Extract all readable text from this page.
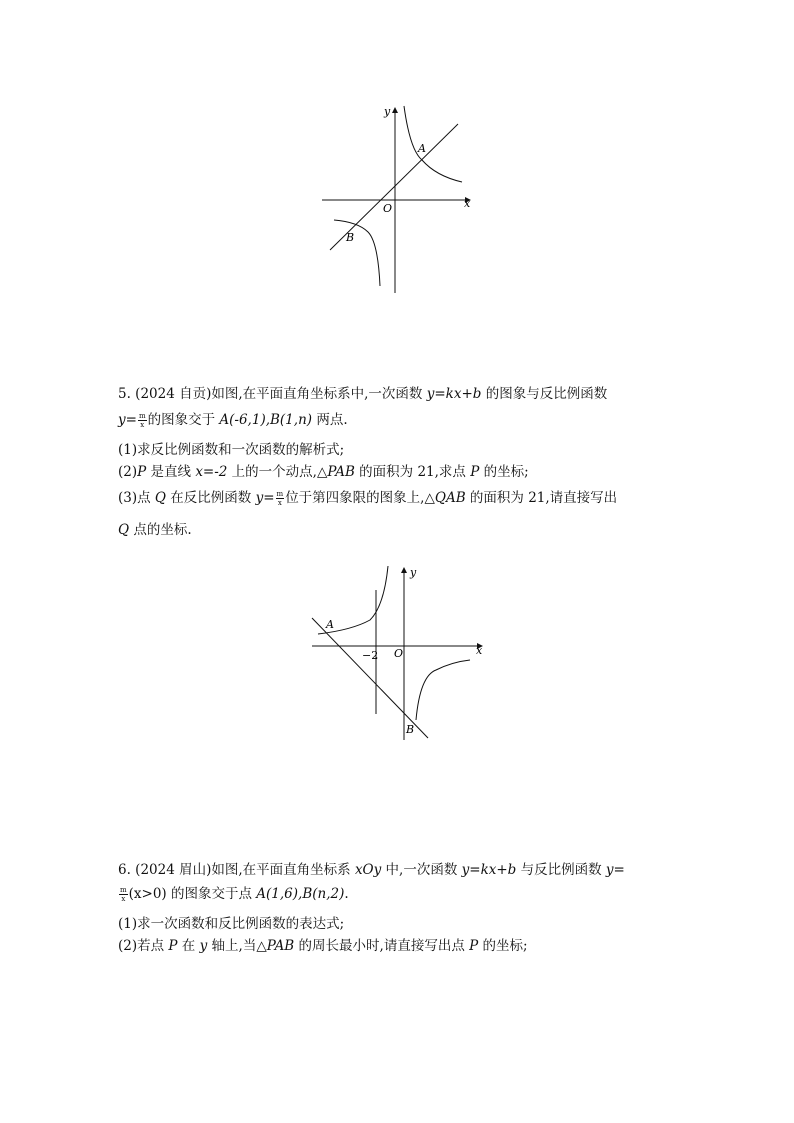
y
x
O
A
B
5. (2024 自贡)如图,在平面直角坐标系中,一次函数 y=kx+b 的图象与反比例函数
$y= \frac{m}{x}$ 的图象交于 A(-6,1),B(1,n) 两点.
(1)求反比例函数和一次函数的解析式;
(2)P 是直线 x=-2 上的一个动点,△PAB 的面积为 21,求点 P 的坐标;
(3)点 Q 在反比例函数 $y= \frac{m}{x}$ 位于第四象限的图象上,△QAB 的面积为 21,请直接写出
Q 点的坐标.
y
x
O
−2
A
B
6. (2024 眉山)如图,在平面直角坐标系 xOy 中,一次函数 y=kx+b 与反比例函数 y=
$\frac{m}{x} (x>0)$ 的图象交于点 A(1,6),B(n,2).
(1)求一次函数和反比例函数的表达式;
(2)若点 P 在 y 轴上,当△PAB 的周长最小时,请直接写出点 P 的坐标;
